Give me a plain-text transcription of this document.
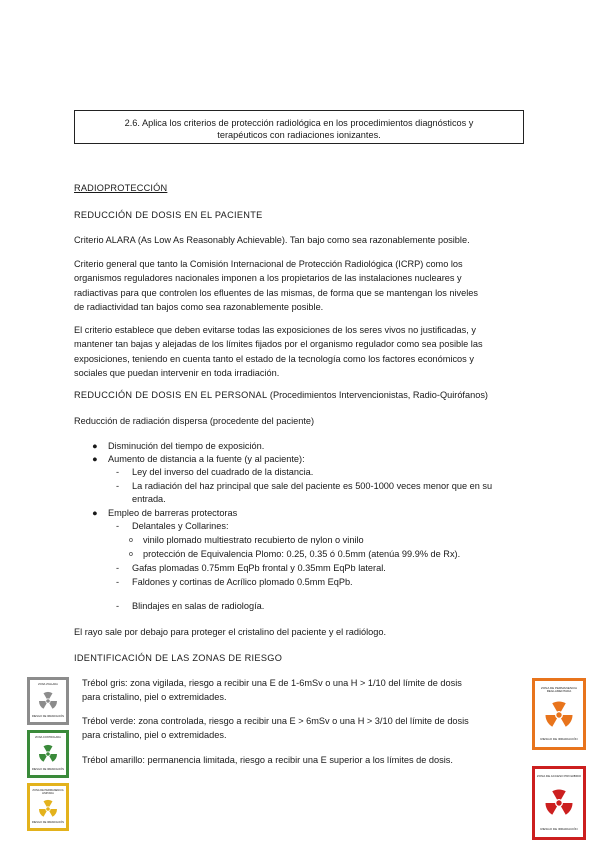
2.6. Aplica los criterios de protección radiológica en los procedimientos diagnósticos y
terapéuticos con radiaciones ionizantes.
RADIOPROTECCIÓN
REDUCCIÓN DE DOSIS EN EL PACIENTE
Criterio ALARA (As Low As Reasonably Achievable). Tan bajo como sea razonablemente posible.
Criterio general que tanto la Comisión Internacional de Protección Radiológica (ICRP) como los
organismos reguladores nacionales imponen a los propietarios de las instalaciones nucleares y
radiactivas para que controlen los efluentes de las mismas, de forma que se mantengan los niveles
de radiactividad tan bajos como sea razonablemente posible.
El criterio establece que deben evitarse todas las exposiciones de los seres vivos no justificadas, y
mantener tan bajas y alejadas de los límites fijados por el organismo regulador como sea posible las
exposiciones, teniendo en cuenta tanto el estado de la tecnología como los factores económicos y
sociales que puedan intervenir en toda irradiación.
REDUCCIÓN DE DOSIS EN EL PERSONAL (Procedimientos Intervencionistas, Radio-Quirófanos)
Reducción de radiación dispersa (procedente del paciente)
●	Disminución del tiempo de exposición.
●	Aumento de distancia a la fuente (y al paciente):
-	Ley del inverso del cuadrado de la distancia.
-	La radiación del haz principal que sale del paciente es 500-1000 veces menor que en su
entrada.
●	Empleo de barreras protectoras
-	Delantales y Collarines:
o	vinilo plomado multiestrato recubierto de nylon o vinilo
o	protección de Equivalencia Plomo: 0.25, 0.35 ó 0.5mm (atenúa 99.9% de Rx).
-	Gafas plomadas 0.75mm EqPb frontal y 0.35mm EqPb lateral.
-	Faldones y cortinas de Acrílico plomado 0.5mm EqPb.
-	Blindajes en salas de radiología.
El rayo sale por debajo para proteger el cristalino del paciente y el radiólogo.
IDENTIFICACIÓN DE LAS ZONAS DE RIESGO
Trébol gris: zona vigilada, riesgo a recibir una E de 1-6mSv o una H > 1/10 del límite de dosis
para cristalino, piel o extremidades.
Trébol verde: zona controlada, riesgo a recibir una E > 6mSv o una H > 3/10 del límite de dosis
para cristalino, piel o extremidades.
Trébol amarillo: permanencia limitada, riesgo a recibir una E superior a los límites de dosis.
ZONA VIGILADA
RIESGO DE IRRADIACIÓN
ZONA CONTROLADA
RIESGO DE IRRADIACIÓN
ZONA DE PERMANENCIA LIMITADA
RIESGO DE IRRADIACIÓN
ZONA DE PERMANENCIA REGLAMENTADA
RIESGO DE IRRADIACIÓN
ZONA DE ACCESO PROHIBIDO
RIESGO DE IRRADIACIÓN
